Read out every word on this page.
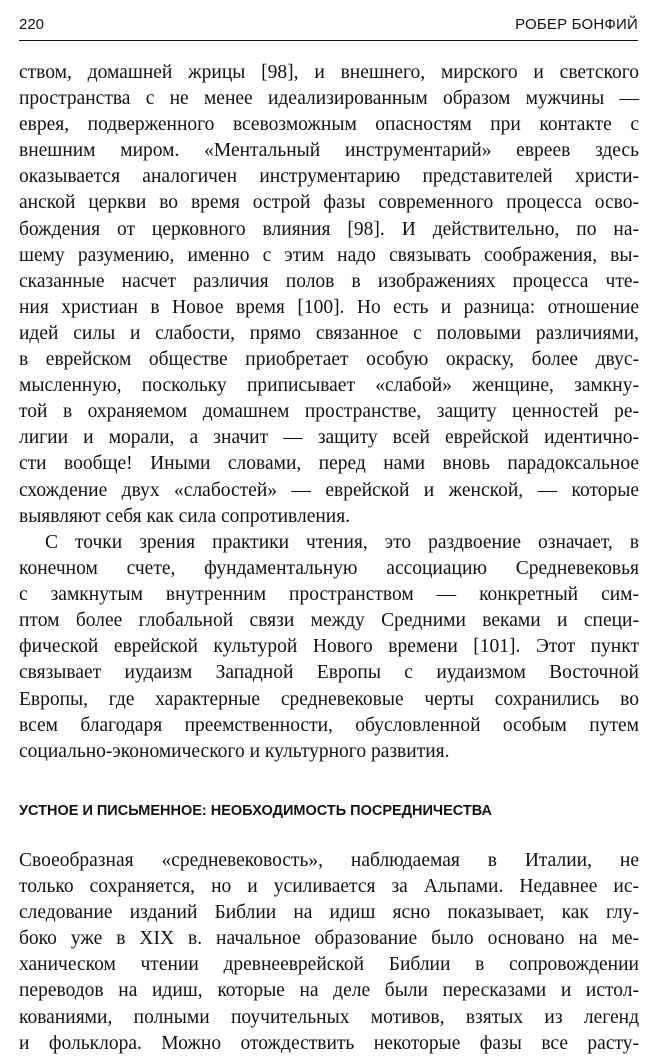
220	РОБЕР БОНФИЙ
ством, домашней жрицы [98], и внешнего, мирского и светского
пространства с не менее идеализированным образом мужчины —
еврея, подверженного всевозможным опасностям при контакте с
внешним миром. «Ментальный инструментарий» евреев здесь
оказывается аналогичен инструментарию представителей христи-
анской церкви во время острой фазы современного процесса осво-
бождения от церковного влияния [98]. И действительно, по на-
шему разумению, именно с этим надо связывать соображения, вы-
сказанные насчет различия полов в изображениях процесса чте-
ния христиан в Новое время [100]. Но есть и разница: отношение
идей силы и слабости, прямо связанное с половыми различиями,
в еврейском обществе приобретает особую окраску, более двус-
мысленную, поскольку приписывает «слабой» женщине, замкну-
той в охраняемом домашнем пространстве, защиту ценностей ре-
лигии и морали, а значит — защиту всей еврейской идентично-
сти вообще! Иными словами, перед нами вновь парадоксальное
схождение двух «слабостей» — еврейской и женской, — которые
выявляют себя как сила сопротивления.
С точки зрения практики чтения, это раздвоение означает, в
конечном счете, фундаментальную ассоциацию Средневековья
с замкнутым внутренним пространством — конкретный сим-
птом более глобальной связи между Средними веками и специ-
фической еврейской культурой Нового времени [101]. Этот пункт
связывает иудаизм Западной Европы с иудаизмом Восточной
Европы, где характерные средневековые черты сохранились во
всем благодаря преемственности, обусловленной особым путем
социально-экономического и культурного развития.
УСТНОЕ И ПИСЬМЕННОЕ: НЕОБХОДИМОСТЬ ПОСРЕДНИЧЕСТВА
Своеобразная «средневековость», наблюдаемая в Италии, не
только сохраняется, но и усиливается за Альпами. Недавнее ис-
следование изданий Библии на идиш ясно показывает, как глу-
боко уже в XIX в. начальное образование было основано на ме-
ханическом чтении древнееврейской Библии в сопровождении
переводов на идиш, которые на деле были пересказами и истол-
кованиями, полными поучительных мотивов, взятых из легенд
и фольклора. Можно отождествить некоторые фазы все расту-
